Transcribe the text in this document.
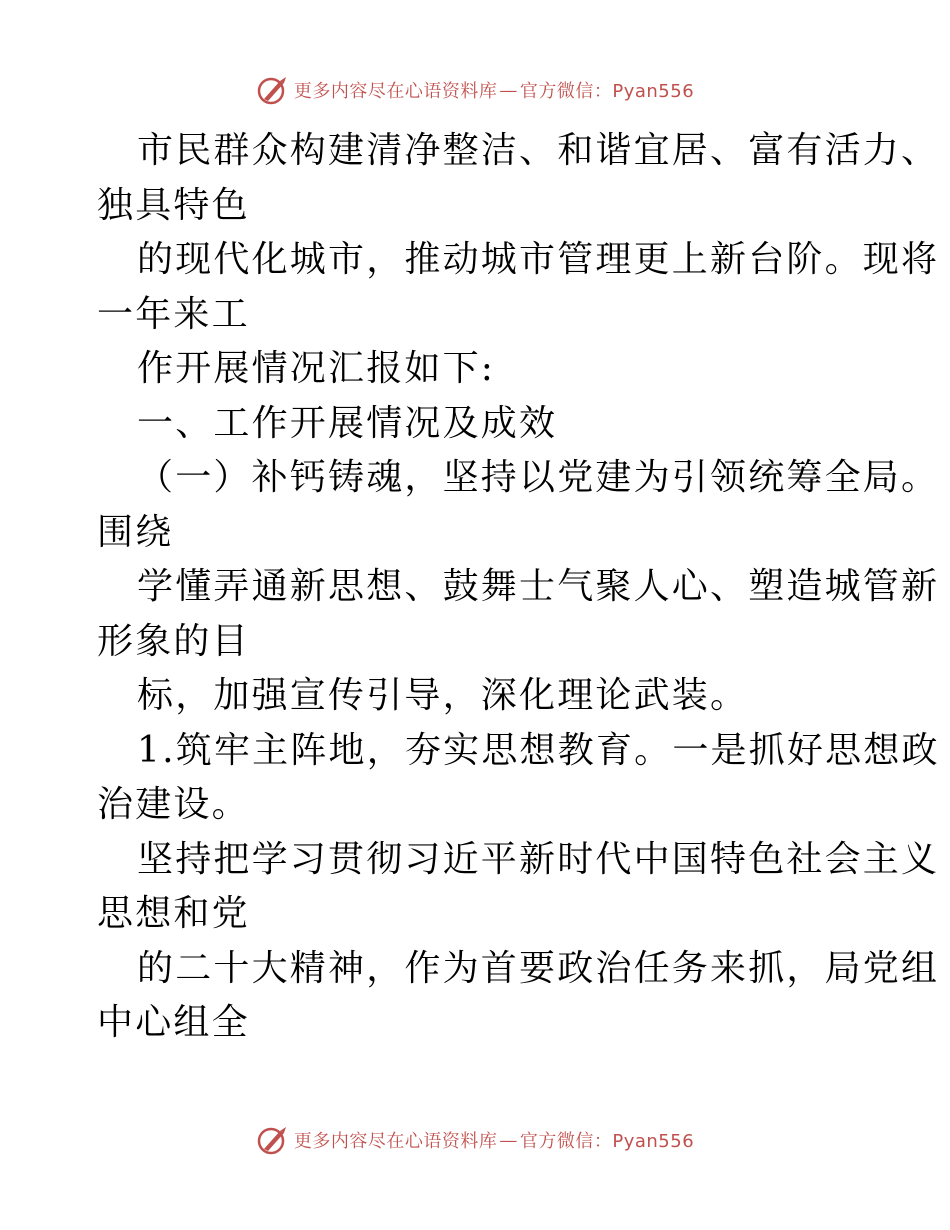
更多内容尽在心语资料库 — 官方微信：Pyan556
市民群众构建清净整洁、和谐宜居、富有活力、
独具特色
的现代化城市，推动城市管理更上新台阶。现将
一年来工
作开展情况汇报如下:
一、工作开展情况及成效
（一）补钙铸魂，坚持以党建为引领统筹全局。
围绕
学懂弄通新思想、鼓舞士气聚人心、塑造城管新
形象的目
标，加强宣传引导，深化理论武装。
1.筑牢主阵地，夯实思想教育。一是抓好思想政
治建设。
坚持把学习贯彻习近平新时代中国特色社会主义
思想和党
的二十大精神，作为首要政治任务来抓，局党组
中心组全
更多内容尽在心语资料库 — 官方微信：Pyan556
